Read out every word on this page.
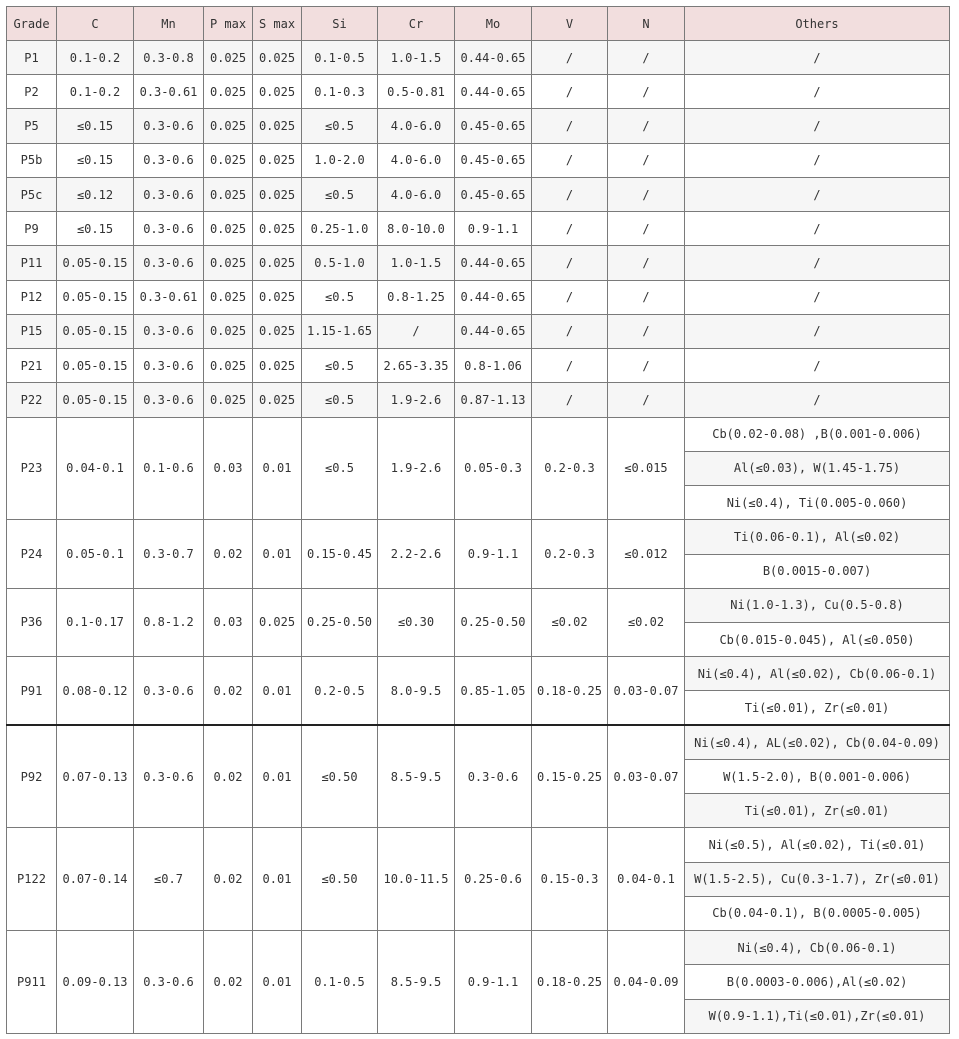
Grade	C	Mn	P max	S max	Si	Cr	Mo	V	N	Others
P1	0.1-0.2	0.3-0.8	0.025	0.025	0.1-0.5	1.0-1.5	0.44-0.65	/	/	/
P2	0.1-0.2	0.3-0.61	0.025	0.025	0.1-0.3	0.5-0.81	0.44-0.65	/	/	/
P5	≤0.15	0.3-0.6	0.025	0.025	≤0.5	4.0-6.0	0.45-0.65	/	/	/
P5b	≤0.15	0.3-0.6	0.025	0.025	1.0-2.0	4.0-6.0	0.45-0.65	/	/	/
P5c	≤0.12	0.3-0.6	0.025	0.025	≤0.5	4.0-6.0	0.45-0.65	/	/	/
P9	≤0.15	0.3-0.6	0.025	0.025	0.25-1.0	8.0-10.0	0.9-1.1	/	/	/
P11	0.05-0.15	0.3-0.6	0.025	0.025	0.5-1.0	1.0-1.5	0.44-0.65	/	/	/
P12	0.05-0.15	0.3-0.61	0.025	0.025	≤0.5	0.8-1.25	0.44-0.65	/	/	/
P15	0.05-0.15	0.3-0.6	0.025	0.025	1.15-1.65	/	0.44-0.65	/	/	/
P21	0.05-0.15	0.3-0.6	0.025	0.025	≤0.5	2.65-3.35	0.8-1.06	/	/	/
P22	0.05-0.15	0.3-0.6	0.025	0.025	≤0.5	1.9-2.6	0.87-1.13	/	/	/
P23	0.04-0.1	0.1-0.6	0.03	0.01	≤0.5	1.9-2.6	0.05-0.3	0.2-0.3	≤0.015	Cb(0.02-0.08) ,B(0.001-0.006)
										Al(≤0.03), W(1.45-1.75)
										Ni(≤0.4), Ti(0.005-0.060)
P24	0.05-0.1	0.3-0.7	0.02	0.01	0.15-0.45	2.2-2.6	0.9-1.1	0.2-0.3	≤0.012	Ti(0.06-0.1), Al(≤0.02)
										B(0.0015-0.007)
P36	0.1-0.17	0.8-1.2	0.03	0.025	0.25-0.50	≤0.30	0.25-0.50	≤0.02	≤0.02	Ni(1.0-1.3), Cu(0.5-0.8)
										Cb(0.015-0.045), Al(≤0.050)
P91	0.08-0.12	0.3-0.6	0.02	0.01	0.2-0.5	8.0-9.5	0.85-1.05	0.18-0.25	0.03-0.07	Ni(≤0.4), Al(≤0.02), Cb(0.06-0.1)
										Ti(≤0.01), Zr(≤0.01)
P92	0.07-0.13	0.3-0.6	0.02	0.01	≤0.50	8.5-9.5	0.3-0.6	0.15-0.25	0.03-0.07	Ni(≤0.4), AL(≤0.02), Cb(0.04-0.09)
										W(1.5-2.0), B(0.001-0.006)
										Ti(≤0.01), Zr(≤0.01)
P122	0.07-0.14	≤0.7	0.02	0.01	≤0.50	10.0-11.5	0.25-0.6	0.15-0.3	0.04-0.1	Ni(≤0.5), Al(≤0.02), Ti(≤0.01)
										W(1.5-2.5), Cu(0.3-1.7), Zr(≤0.01)
										Cb(0.04-0.1), B(0.0005-0.005)
P911	0.09-0.13	0.3-0.6	0.02	0.01	0.1-0.5	8.5-9.5	0.9-1.1	0.18-0.25	0.04-0.09	Ni(≤0.4), Cb(0.06-0.1)
										B(0.0003-0.006),Al(≤0.02)
										W(0.9-1.1),Ti(≤0.01),Zr(≤0.01)
